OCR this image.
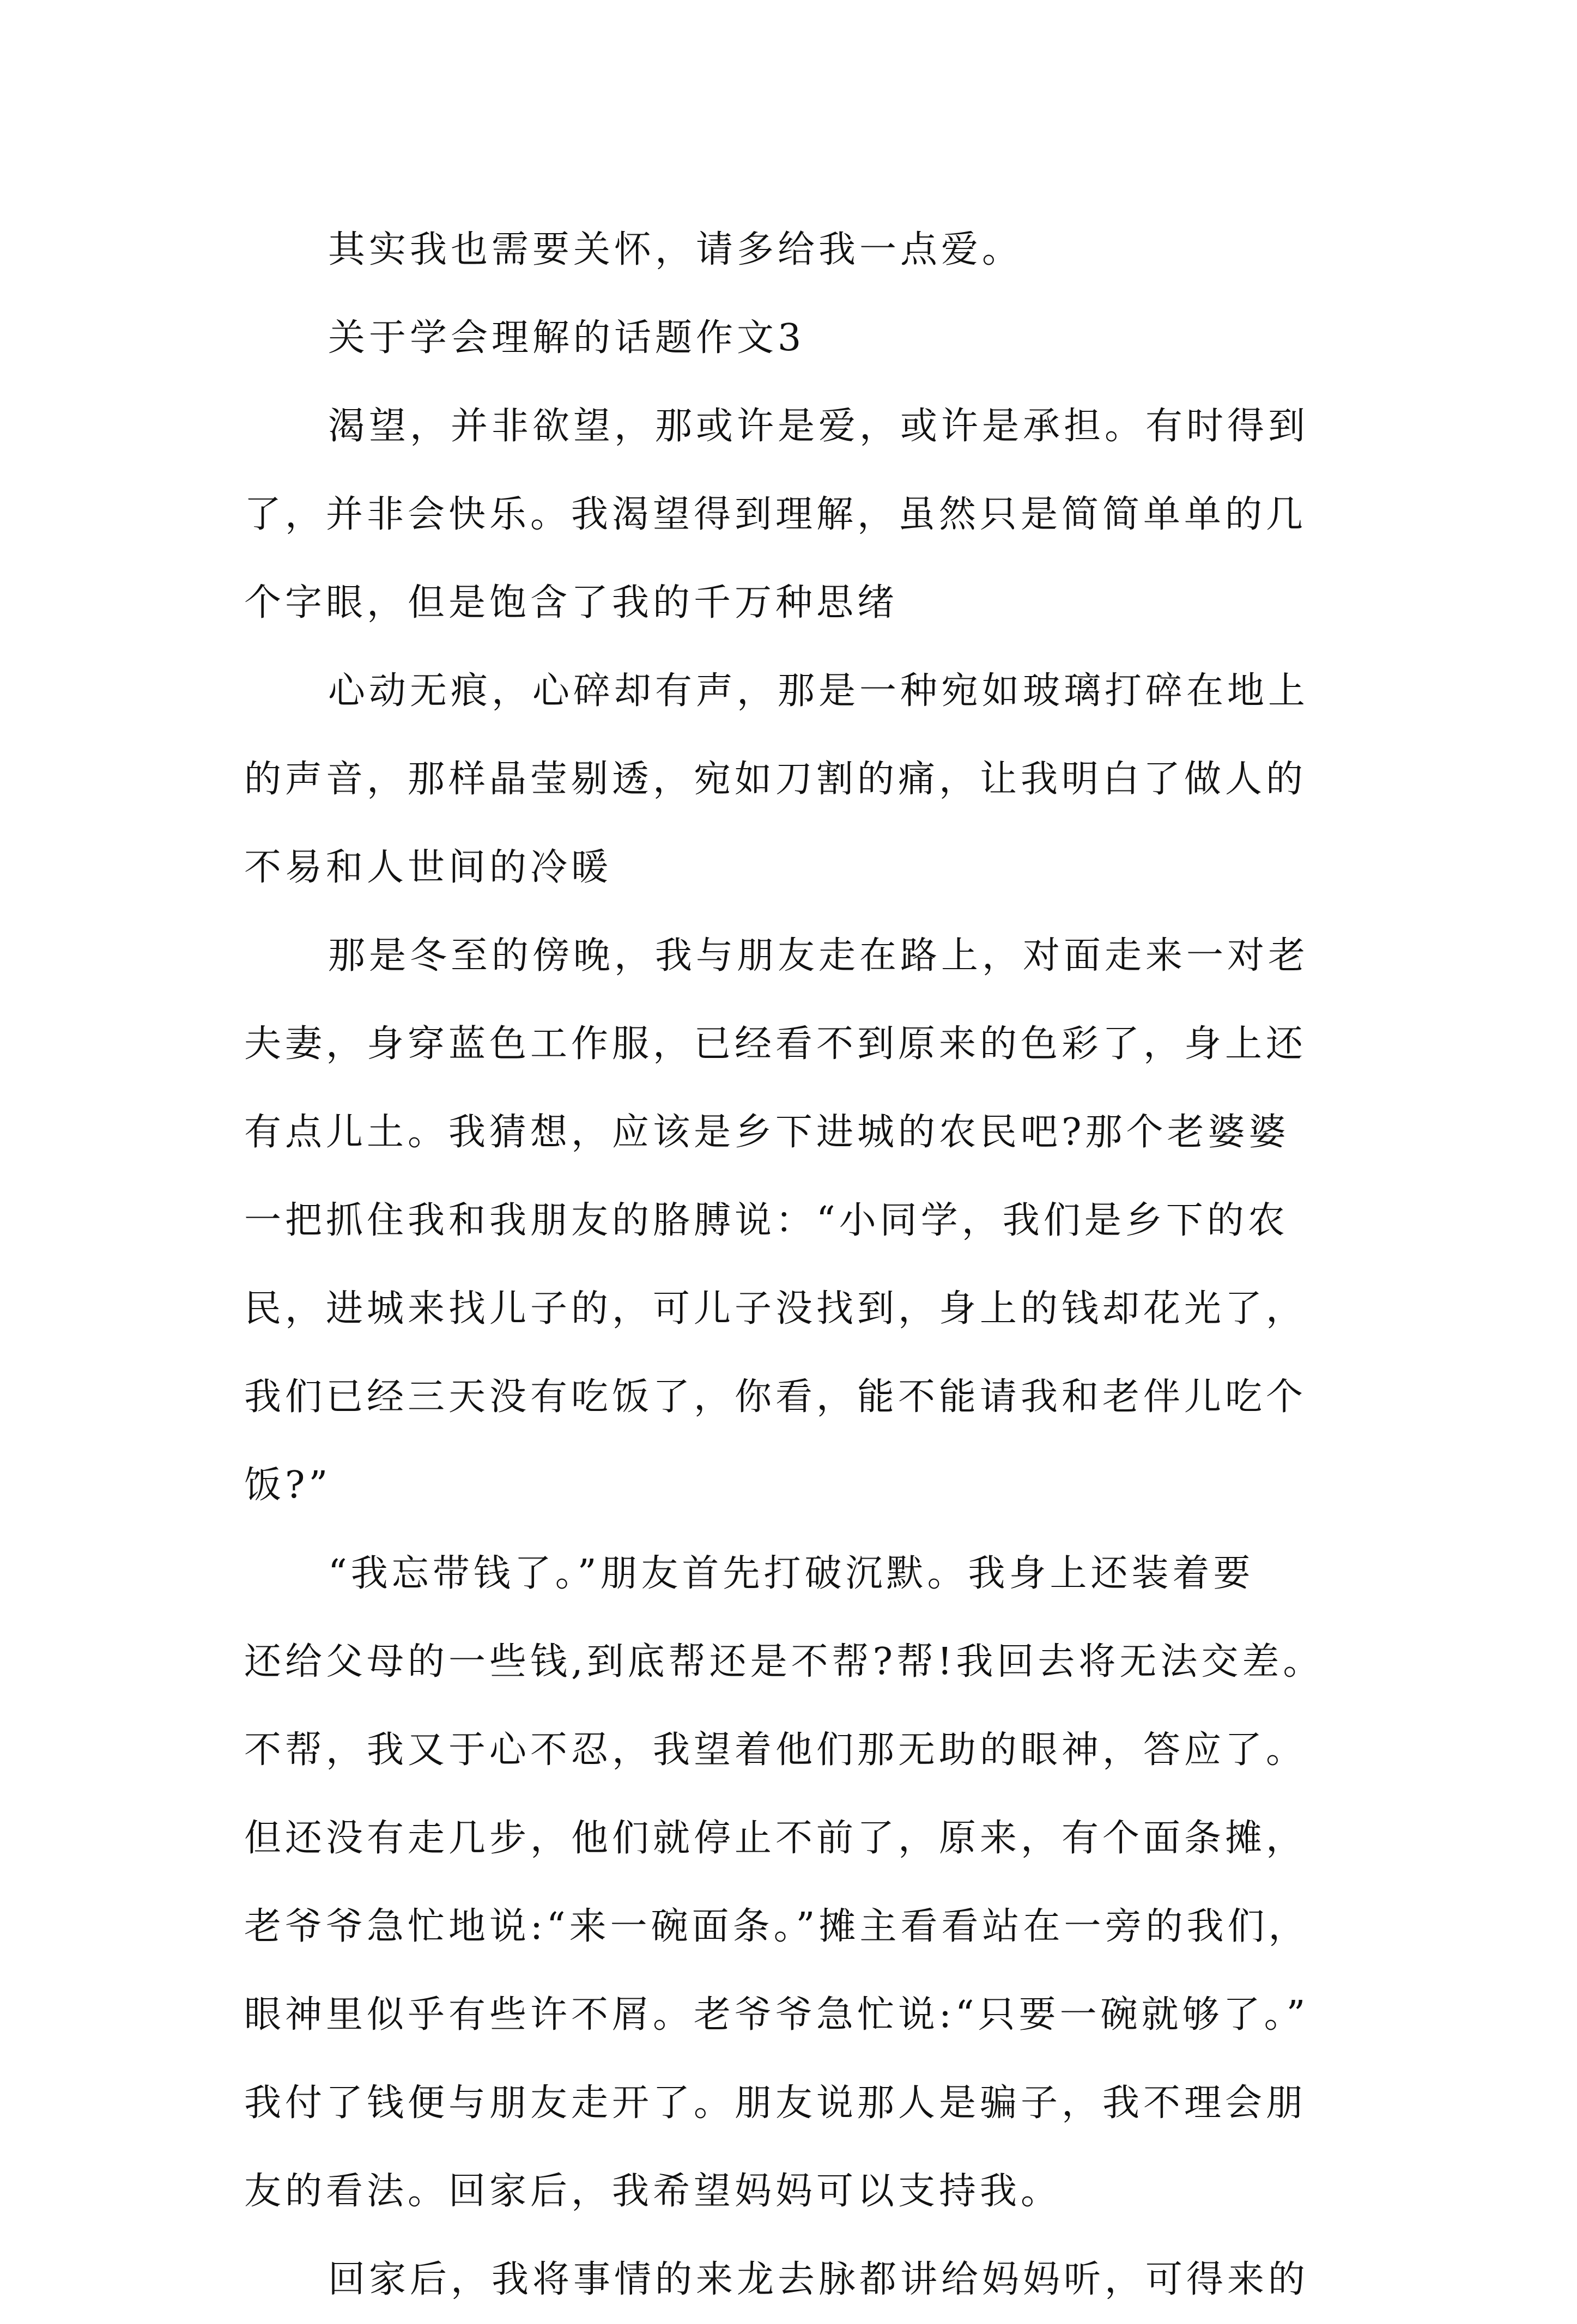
其实我也需要关怀，请多给我一点爱。
关于学会理解的话题作文3
渴望，并非欲望，那或许是爱，或许是承担。有时得到
了，并非会快乐。我渴望得到理解，虽然只是简简单单的几
个字眼，但是饱含了我的千万种思绪
心动无痕，心碎却有声，那是一种宛如玻璃打碎在地上
的声音，那样晶莹剔透，宛如刀割的痛，让我明白了做人的
不易和人世间的冷暖
那是冬至的傍晚，我与朋友走在路上，对面走来一对老
夫妻，身穿蓝色工作服，已经看不到原来的色彩了，身上还
有点儿土。我猜想，应该是乡下进城的农民吧?那个老婆婆
一把抓住我和我朋友的胳膊说：“小同学，我们是乡下的农
民，进城来找儿子的，可儿子没找到，身上的钱却花光了，
我们已经三天没有吃饭了，你看，能不能请我和老伴儿吃个
饭?”
“我忘带钱了。”朋友首先打破沉默。我身上还装着要
还给父母的一些钱,到底帮还是不帮?帮!我回去将无法交差。
不帮，我又于心不忍，我望着他们那无助的眼神，答应了。
但还没有走几步，他们就停止不前了，原来，有个面条摊，
老爷爷急忙地说:“来一碗面条。”摊主看看站在一旁的我们，
眼神里似乎有些许不屑。老爷爷急忙说:“只要一碗就够了。”
我付了钱便与朋友走开了。朋友说那人是骗子，我不理会朋
友的看法。回家后，我希望妈妈可以支持我。
回家后，我将事情的来龙去脉都讲给妈妈听，可得来的
